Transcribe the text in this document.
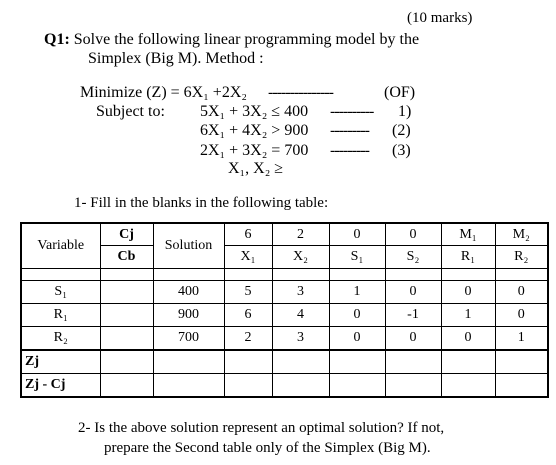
(10 marks)
Q1: Solve the following linear programming model by the
Simplex (Big M). Method :
Minimize (Z) = 6X₁ +2X₂ ---------------	(OF)
Subject to: 5X₁ + 3X₂ ≤ 400 ---------- 1)
6X₁ + 4X₂ > 900 --------- (2)
2X₁ + 3X₂ = 700 --------- (3)
X₁, X₂ ≥
1- Fill in the blanks in the following table:
Variable	Cj	Solution	6	2	0	0	M₁	M₂
	Cb		X₁	X₂	S₁	S₂	R₁	R₂

S₁		400	5	3	1	0	0	0
R₁		900	6	4	0	-1	1	0
R₂		700	2	3	0	0	0	1
Zj								
Zj - Cj								
2- Is the above solution represent an optimal solution? If not,
prepare the Second table only of the Simplex (Big M).
